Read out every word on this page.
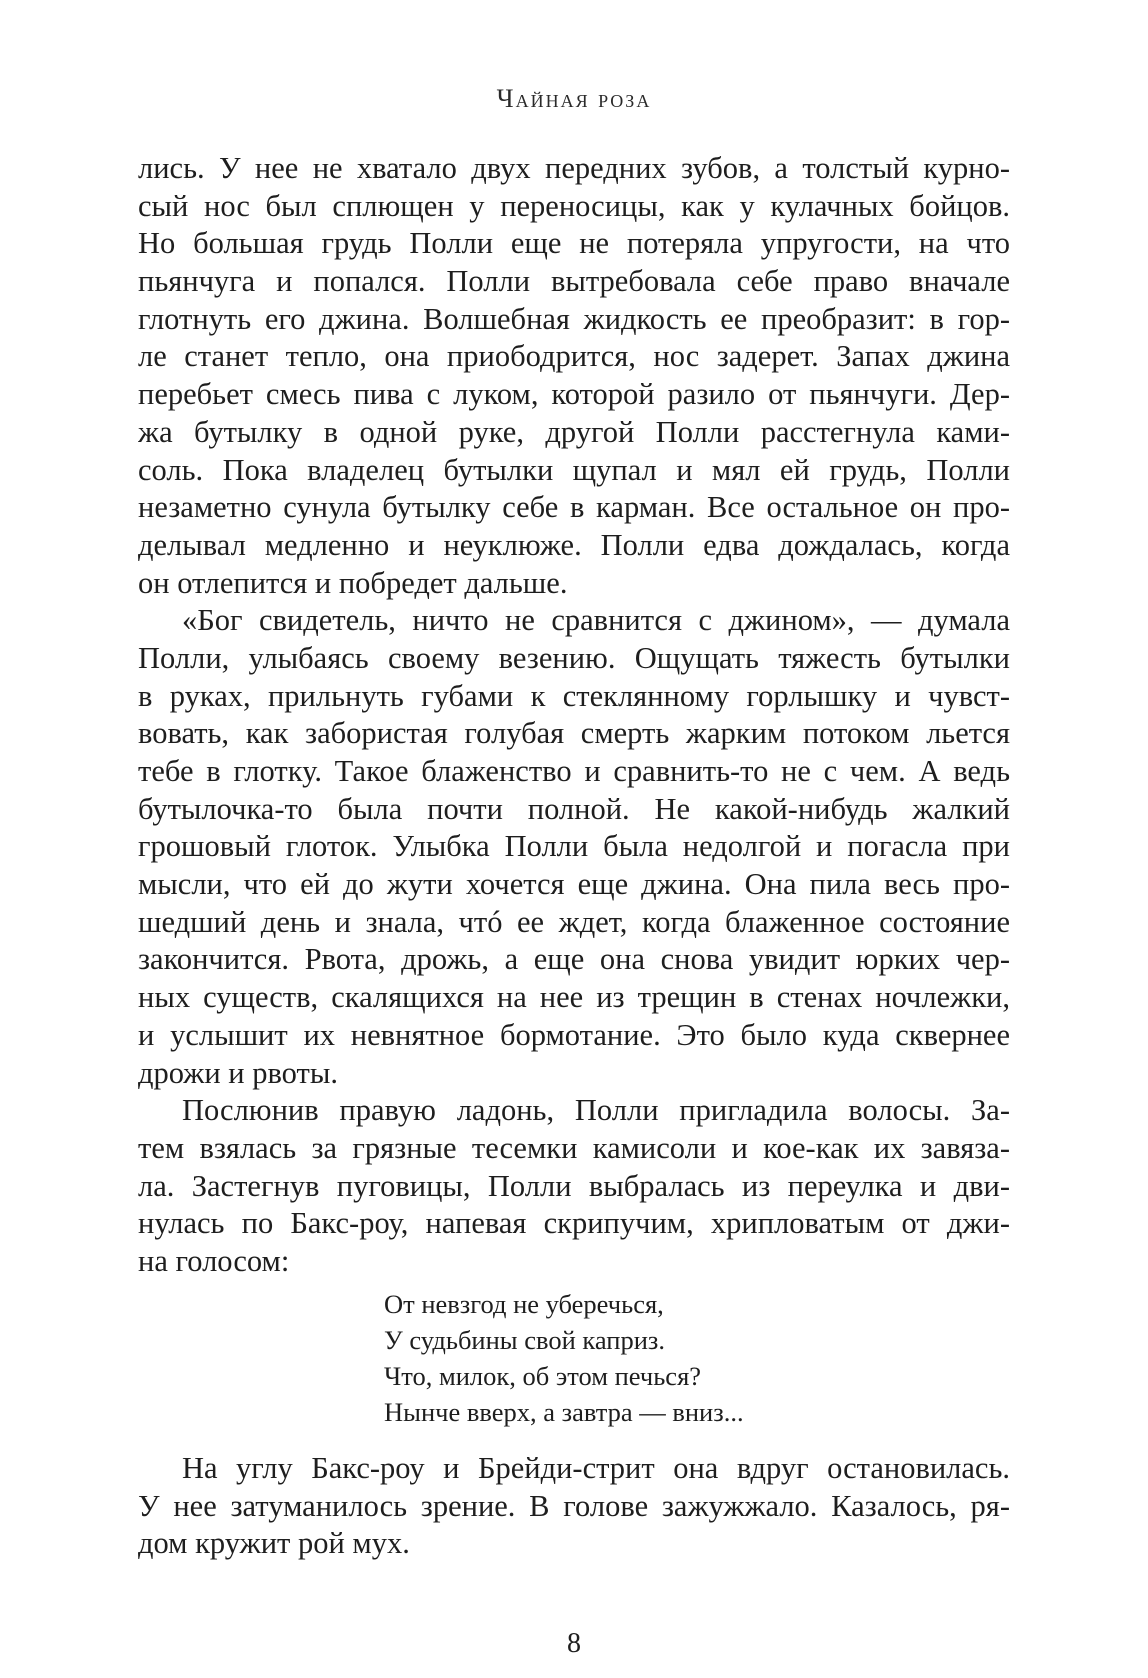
Чайная роза
лись. У нее не хватало двух передних зубов, а толстый курно-
сый нос был сплющен у переносицы, как у кулачных бойцов.
Но большая грудь Полли еще не потеряла упругости, на что
пьянчуга и попался. Полли вытребовала себе право вначале
глотнуть его джина. Волшебная жидкость ее преобразит: в гор-
ле станет тепло, она приободрится, нос задерет. Запах джина
перебьет смесь пива с луком, которой разило от пьянчуги. Дер-
жа бутылку в одной руке, другой Полли расстегнула ками-
соль. Пока владелец бутылки щупал и мял ей грудь, Полли
незаметно сунула бутылку себе в карман. Все остальное он про-
делывал медленно и неуклюже. Полли едва дождалась, когда
он отлепится и побредет дальше.
«Бог свидетель, ничто не сравнится с джином», — думала
Полли, улыбаясь своему везению. Ощущать тяжесть бутылки
в руках, прильнуть губами к стеклянному горлышку и чувст-
вовать, как забористая голубая смерть жарким потоком льется
тебе в глотку. Такое блаженство и сравнить-то не с чем. А ведь
бутылочка-то была почти полной. Не какой-нибудь жалкий
грошовый глоток. Улыбка Полли была недолгой и погасла при
мысли, что ей до жути хочется еще джина. Она пила весь про-
шедший день и знала, чтó ее ждет, когда блаженное состояние
закончится. Рвота, дрожь, а еще она снова увидит юрких чер-
ных существ, скалящихся на нее из трещин в стенах ночлежки,
и услышит их невнятное бормотание. Это было куда сквернее
дрожи и рвоты.
Послюнив правую ладонь, Полли пригладила волосы. За-
тем взялась за грязные тесемки камисоли и кое-как их завяза-
ла. Застегнув пуговицы, Полли выбралась из переулка и дви-
нулась по Бакс-роу, напевая скрипучим, хрипловатым от джи-
на голосом:
От невзгод не уберечься,
У судьбины свой каприз.
Что, милок, об этом печься?
Нынче вверх, а завтра — вниз...
На углу Бакс-роу и Брейди-стрит она вдруг остановилась.
У нее затуманилось зрение. В голове зажужжало. Казалось, ря-
дом кружит рой мух.
8
